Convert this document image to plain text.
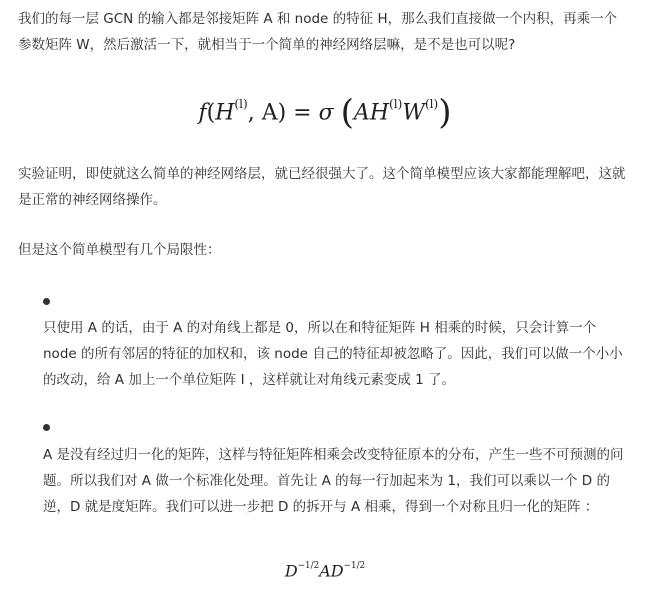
我们的每一层 GCN 的输入都是邻接矩阵 A 和 node 的特征 H，那么我们直接做一个内积，再乘一个参数矩阵 W，然后激活一下，就相当于一个简单的神经网络层嘛，是不是也可以呢?

$f(H^{(l)}$, A) = σ $(AH^{(l)}W^{(l)})$

实验证明，即使就这么简单的神经网络层，就已经很强大了。这个简单模型应该大家都能理解吧，这就是正常的神经网络操作。

但是这个简单模型有几个局限性：

只使用 A 的话，由于 A 的对角线上都是 0，所以在和特征矩阵 H 相乘的时候，只会计算一个 node 的所有邻居的特征的加权和，该 node 自己的特征却被忽略了。因此，我们可以做一个小小的改动，给 A 加上一个单位矩阵 I ，这样就让对角线元素变成 1 了。

A 是没有经过归一化的矩阵，这样与特征矩阵相乘会改变特征原本的分布，产生一些不可预测的问题。所以我们对 A 做一个标准化处理。首先让 A 的每一行加起来为 1，我们可以乘以一个 D 的逆，D 就是度矩阵。我们可以进一步把 D 的拆开与 A 相乘，得到一个对称且归一化的矩阵 ：

$D^{-1/2}AD^{-1/2}$
